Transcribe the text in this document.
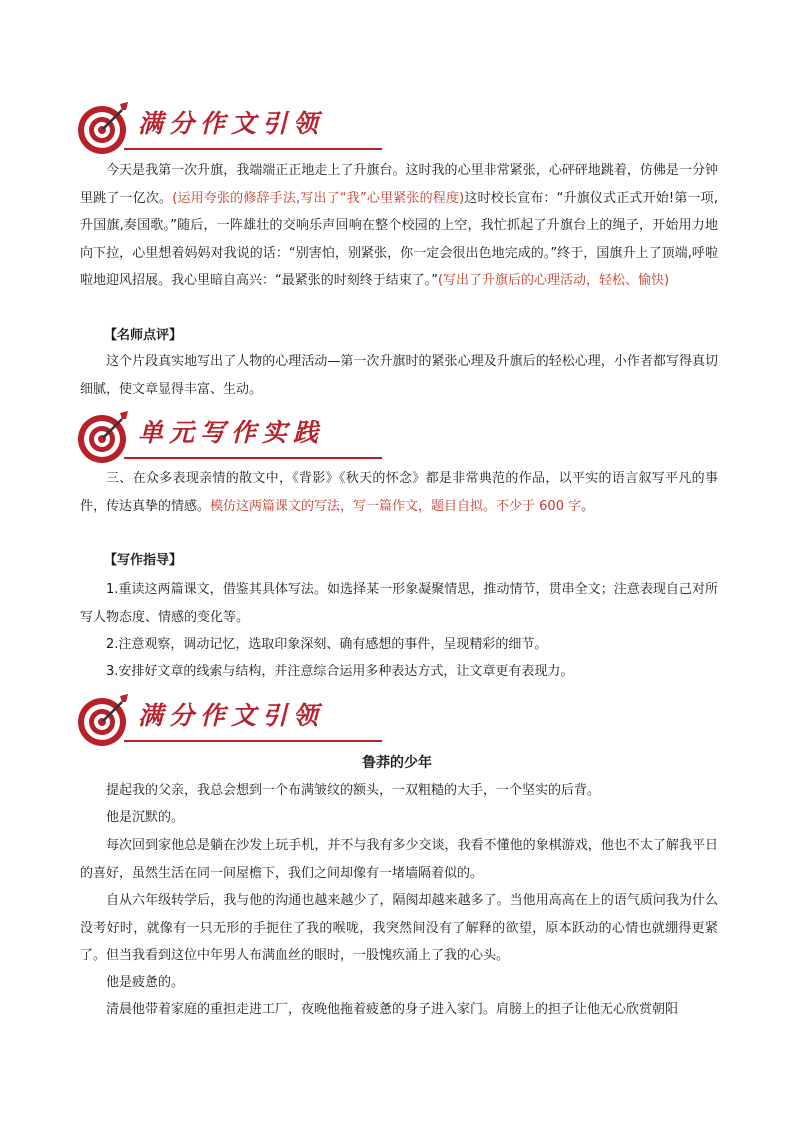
满分作文引领
今天是我第一次升旗，我端端正正地走上了升旗台。这时我的心里非常紧张，心砰砰地跳着，仿佛是一分钟里跳了一亿次。(运用夸张的修辞手法,写出了“我”心里紧张的程度)这时校长宣布：“升旗仪式正式开始!第一项,升国旗,奏国歌。”随后，一阵雄壮的交响乐声回响在整个校园的上空，我忙抓起了升旗台上的绳子，开始用力地向下拉，心里想着妈妈对我说的话：“别害怕，别紧张，你一定会很出色地完成的。”终于，国旗升上了顶端,呼啦啦地迎风招展。我心里暗自高兴：“最紧张的时刻终于结束了。”(写出了升旗后的心理活动，轻松、愉快)
【名师点评】
这个片段真实地写出了人物的心理活动—第一次升旗时的紧张心理及升旗后的轻松心理，小作者都写得真切细腻，使文章显得丰富、生动。
单元写作实践
三、在众多表现亲情的散文中，《背影》《秋天的怀念》都是非常典范的作品，以平实的语言叙写平凡的事件，传达真挚的情感。模仿这两篇课文的写法，写一篇作文，题目自拟。不少于 600 字。
【写作指导】
1.重读这两篇课文，借鉴其具体写法。如选择某一形象凝聚情思，推动情节，贯串全文；注意表现自己对所写人物态度、情感的变化等。
2.注意观察，调动记忆，选取印象深刻、确有感想的事件，呈现精彩的细节。
3.安排好文章的线索与结构，并注意综合运用多种表达方式，让文章更有表现力。
满分作文引领
鲁莽的少年
提起我的父亲，我总会想到一个布满皱纹的额头，一双粗糙的大手，一个坚实的后背。
他是沉默的。
每次回到家他总是躺在沙发上玩手机，并不与我有多少交谈，我看不懂他的象棋游戏，他也不太了解我平日的喜好，虽然生活在同一间屋檐下，我们之间却像有一堵墙隔着似的。
自从六年级转学后，我与他的沟通也越来越少了，隔阂却越来越多了。当他用高高在上的语气质问我为什么没考好时，就像有一只无形的手扼住了我的喉咙，我突然间没有了解释的欲望，原本跃动的心情也就绷得更紧了。但当我看到这位中年男人布满血丝的眼时，一股愧疚涌上了我的心头。
他是疲惫的。
清晨他带着家庭的重担走进工厂，夜晚他拖着疲惫的身子进入家门。肩膀上的担子让他无心欣赏朝阳
